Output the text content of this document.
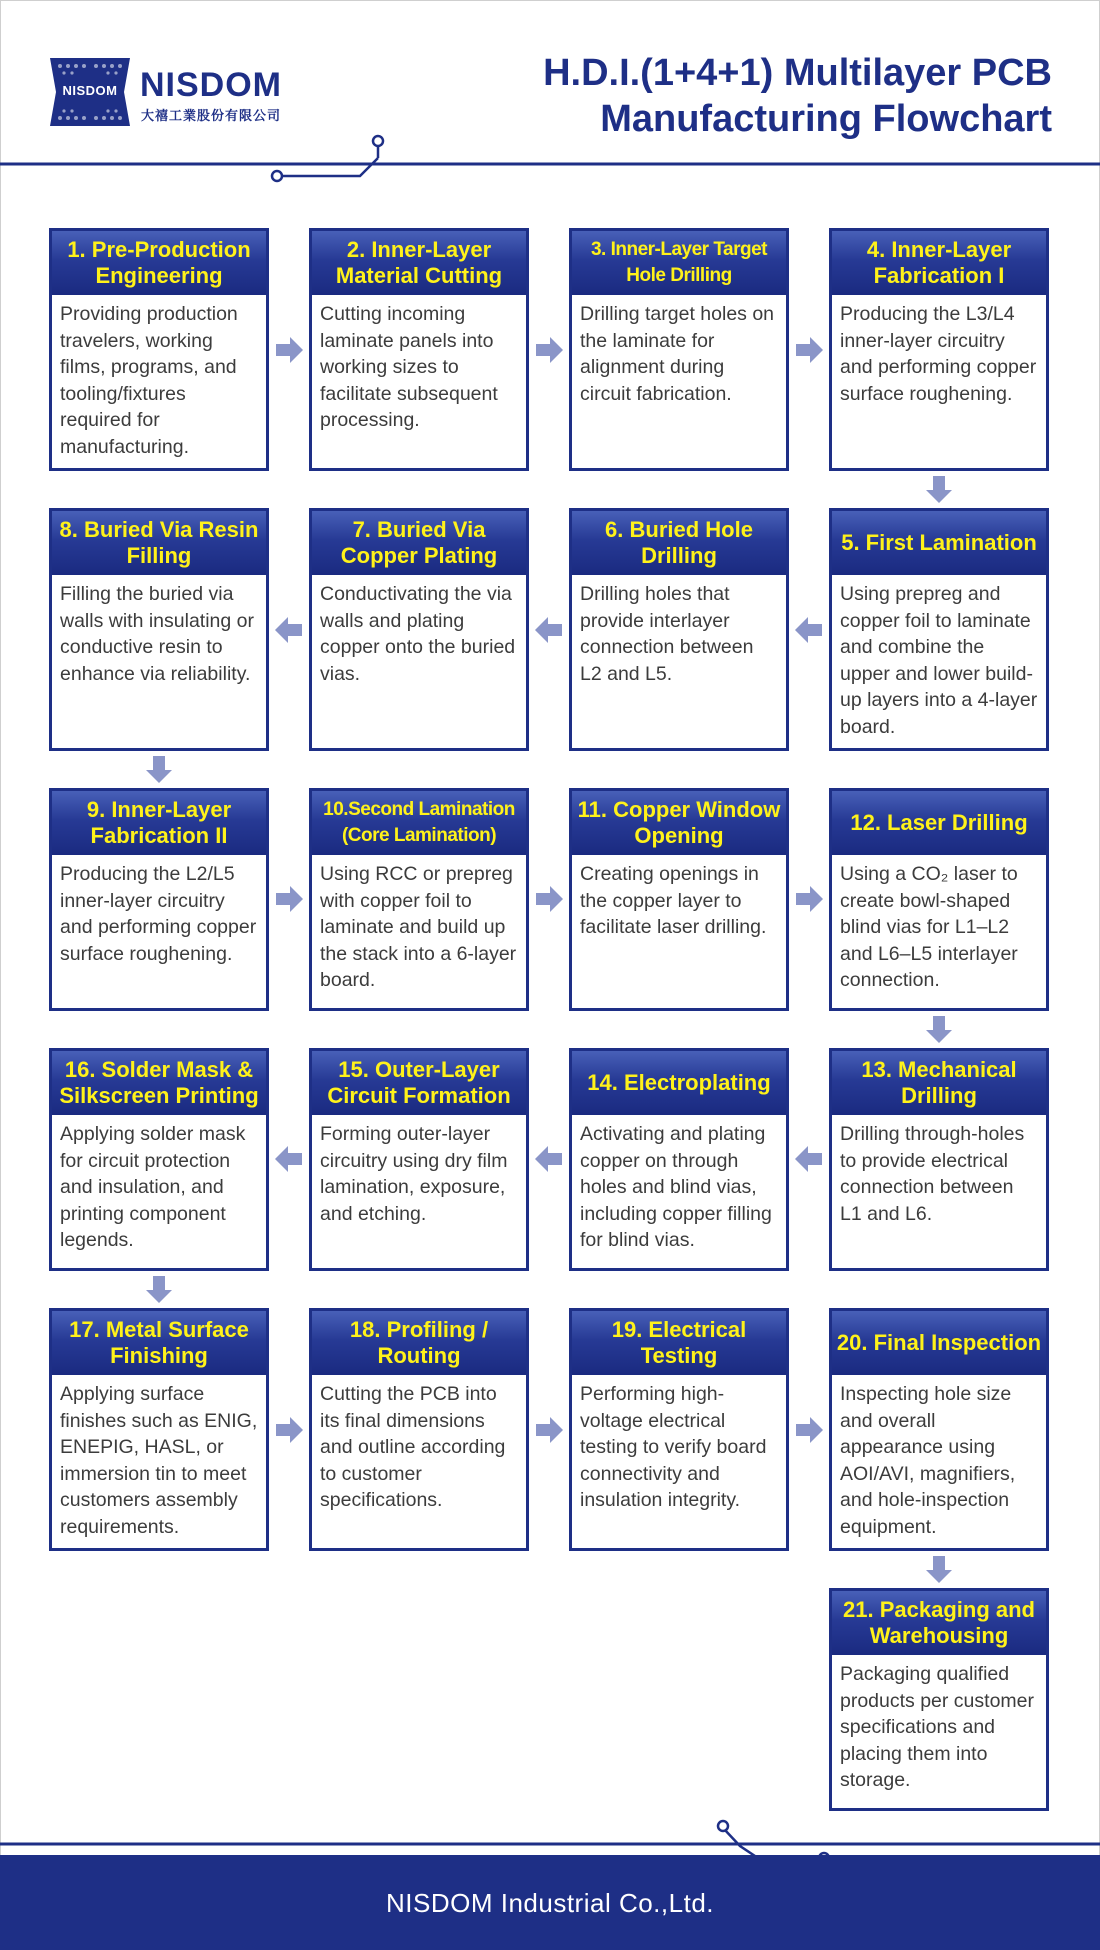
NISDOM NISDOM
大禧工業股份有限公司
H.D.I.(1+4+1) Multilayer PCB
Manufacturing Flowchart
1. Pre-Production Engineering
Providing production travelers, working films, programs, and tooling/fixtures required for manufacturing.
2. Inner-Layer Material Cutting
Cutting incoming laminate panels into working sizes to facilitate subsequent processing.
3. Inner-Layer Target Hole Drilling
Drilling target holes on the laminate for alignment during circuit fabrication.
4. Inner-Layer Fabrication I
Producing the L3/L4 inner-layer circuitry and performing copper surface roughening.
5. First Lamination
Using prepreg and copper foil to laminate and combine the upper and lower build-up layers into a 4-layer board.
6. Buried Hole Drilling
Drilling holes that provide interlayer connection between L2 and L5.
7. Buried Via Copper Plating
Conductivating the via walls and plating copper onto the buried vias.
8. Buried Via Resin Filling
Filling the buried via walls with insulating or conductive resin to enhance via reliability.
9. Inner-Layer Fabrication II
Producing the L2/L5 inner-layer circuitry and performing copper surface roughening.
10.Second Lamination (Core Lamination)
Using RCC or prepreg with copper foil to laminate and build up the stack into a 6-layer board.
11. Copper Window Opening
Creating openings in the copper layer to facilitate laser drilling.
12. Laser Drilling
Using a CO₂ laser to create bowl-shaped blind vias for L1–L2 and L6–L5 interlayer connection.
13. Mechanical Drilling
Drilling through-holes to provide electrical connection between L1 and L6.
14. Electroplating
Activating and plating copper on through holes and blind vias, including copper filling for blind vias.
15. Outer-Layer Circuit Formation
Forming outer-layer circuitry using dry film lamination, exposure, and etching.
16. Solder Mask & Silkscreen Printing
Applying solder mask for circuit protection and insulation, and printing component legends.
17. Metal Surface Finishing
Applying surface finishes such as ENIG, ENEPIG, HASL, or immersion tin to meet customers assembly requirements.
18. Profiling / Routing
Cutting the PCB into its final dimensions and outline according to customer specifications.
19. Electrical Testing
Performing high-voltage electrical testing to verify board connectivity and insulation integrity.
20. Final Inspection
Inspecting hole size and overall appearance using AOI/AVI, magnifiers, and hole-inspection equipment.
21. Packaging and Warehousing
Packaging qualified products per customer specifications and placing them into storage.
NISDOM Industrial Co.,Ltd.
